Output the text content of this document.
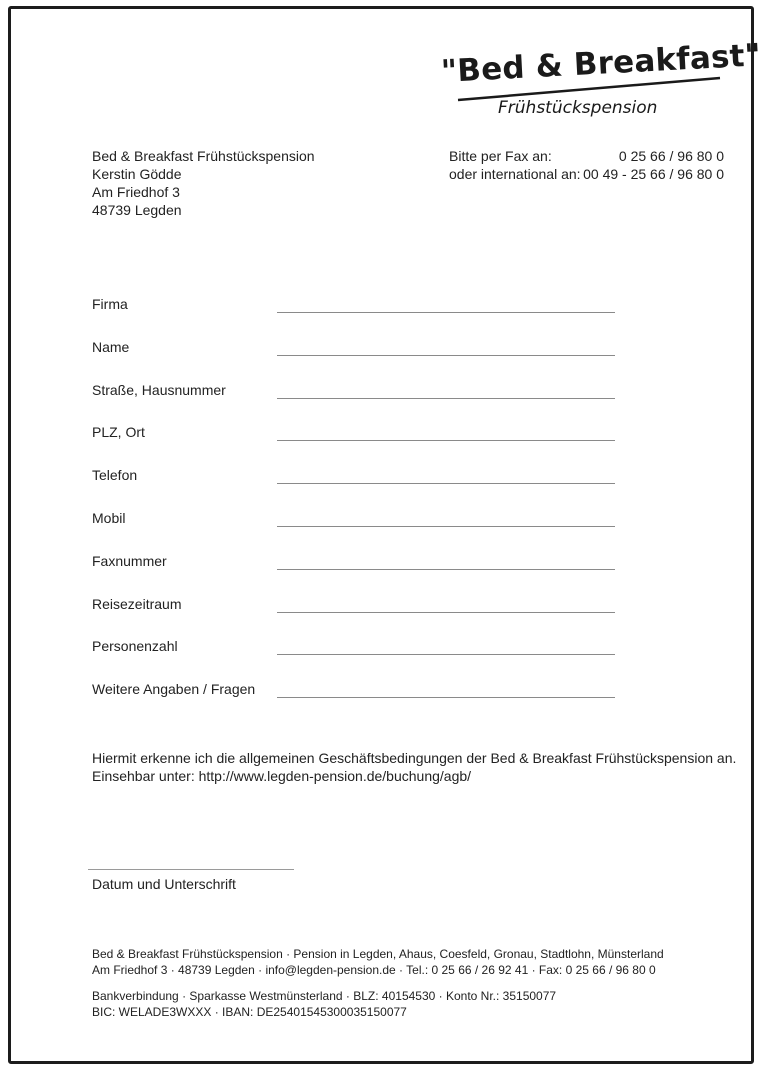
"Bed & Breakfast"
Frühstückspension
Bed & Breakfast Frühstückspension
Kerstin Gödde
Am Friedhof 3
48739 Legden
Bitte per Fax an:	0 25 66 / 96 80 0
oder international an: 00 49 - 25 66 / 96 80 0
Firma
Name
Straße, Hausnummer
PLZ, Ort
Telefon
Mobil
Faxnummer
Reisezeitraum
Personenzahl
Weitere Angaben / Fragen
Hiermit erkenne ich die allgemeinen Geschäftsbedingungen der Bed & Breakfast Frühstückspension an.
Einsehbar unter: http://www.legden-pension.de/buchung/agb/
Datum und Unterschrift
Bed & Breakfast Frühstückspension · Pension in Legden, Ahaus, Coesfeld, Gronau, Stadtlohn, Münsterland
Am Friedhof 3 · 48739 Legden · info@legden-pension.de · Tel.: 0 25 66 / 26 92 41 · Fax: 0 25 66 / 96 80 0
Bankverbindung · Sparkasse Westmünsterland · BLZ: 40154530 · Konto Nr.: 35150077
BIC: WELADE3WXXX · IBAN: DE25401545300035150077
